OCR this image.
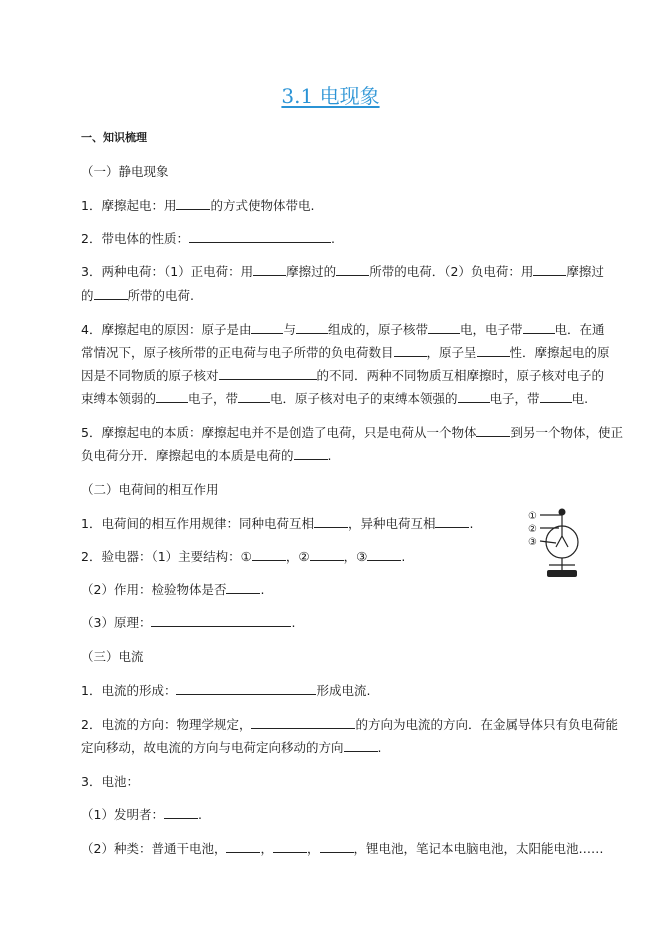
3.1 电现象
一、知识梳理
（一）静电现象
1．摩擦起电：用	的方式使物体带电.
2．带电体的性质：	.
3．两种电荷：（1）正电荷：用	摩擦过的	所带的电荷．（2）负电荷：用	摩擦过
的	所带的电荷.
4．摩擦起电的原因：原子是由	与	组成的，原子核带	电，电子带	电．在通
常情况下，原子核所带的正电荷与电子所带的负电荷数目	，原子呈	性．摩擦起电的原
因是不同物质的原子核对	的不同．两种不同物质互相摩擦时，原子核对电子的
束缚本领弱的	电子，带	电．原子核对电子的束缚本领强的	电子，带	电.
5．摩擦起电的本质：摩擦起电并不是创造了电荷，只是电荷从一个物体	到另一个物体，使正
负电荷分开．摩擦起电的本质是电荷的	.
（二）电荷间的相互作用
1．电荷间的相互作用规律：同种电荷互相	，异种电荷互相	.
2．验电器：（1）主要结构：①	，②	，③	.
（2）作用：检验物体是否	.
（3）原理：	.
①
②
③
（三）电流
1．电流的形成：	形成电流.
2．电流的方向：物理学规定，	的方向为电流的方向．在金属导体只有负电荷能
定向移动，故电流的方向与电荷定向移动的方向	.
3．电池：
（1）发明者：	.
（2）种类：普通干电池，	，	，	，锂电池，笔记本电脑电池，太阳能电池……
